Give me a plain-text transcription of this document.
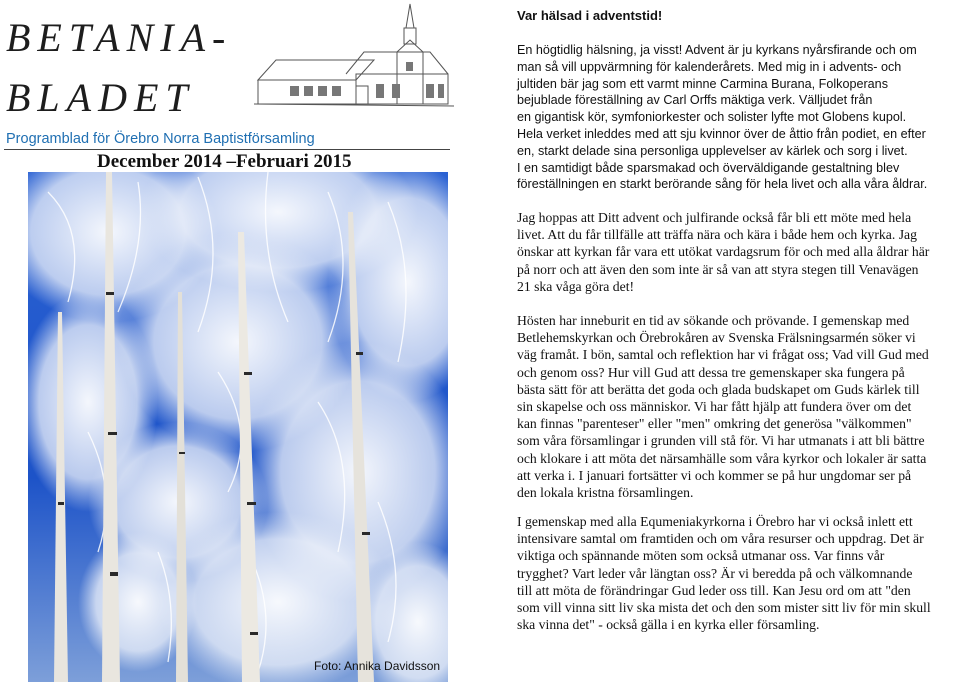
BETANIA-
BLADET
Programblad för Örebro Norra Baptistförsamling
December 2014 –Februari 2015
Foto: Annika Davidsson
Var hälsad i adventstid!

En högtidlig hälsning, ja visst! Advent är ju kyrkans nyårsfirande och om

man så vill uppvärmning för kalenderårets. Med mig in i advents- och

jultiden bär jag som ett varmt minne Carmina Burana, Folkoperans

bejublade föreställning av Carl Orffs mäktiga verk. Välljudet från

en gigantisk kör, symfoniorkester och solister lyfte mot Globens kupol.

Hela verket inleddes med att sju kvinnor över de åttio från podiet, en efter

en, starkt delade sina personliga upplevelser av kärlek och sorg i livet.

I en samtidigt både sparsmakad och överväldigande gestaltning blev

föreställningen en starkt berörande sång för hela livet och alla våra åldrar.

Jag hoppas att Ditt advent och julfirande också får bli ett möte med hela

livet. Att du får tillfälle att träffa nära och kära i både hem och kyrka. Jag

önskar att kyrkan får vara ett utökat vardagsrum för och med alla åldrar här

på norr och att även den som inte är så van att styra stegen till Venavägen

21 ska våga göra det!

Hösten har inneburit en tid av sökande och prövande. I gemenskap med

Betlehemskyrkan och Örebrokåren av Svenska Frälsningsarmén söker vi

väg framåt. I bön, samtal och reflektion har vi frågat oss; Vad vill Gud med

och genom oss? Hur vill Gud att dessa tre gemenskaper ska fungera på

bästa sätt för att berätta det goda och glada budskapet om Guds kärlek till

sin skapelse och oss människor. Vi har fått hjälp att fundera över om det

kan finnas "parenteser" eller "men" omkring det generösa "välkommen"

som våra församlingar i grunden vill stå för. Vi har utmanats i att bli bättre

och klokare i att möta det närsamhälle som våra kyrkor och lokaler är satta

att verka i. I januari fortsätter vi och kommer se på hur ungdomar ser på

den lokala kristna församlingen.

I gemenskap med alla Equmeniakyrkorna i Örebro har vi också inlett ett

intensivare samtal om framtiden och om våra resurser och uppdrag. Det är

viktiga och spännande möten som också utmanar oss. Var finns vår

trygghet? Vart leder vår längtan oss? Är vi beredda på och välkomnande

till att möta de förändringar Gud leder oss till. Kan Jesu ord om att "den

som vill vinna sitt liv ska mista det och den som mister sitt liv för min skull

ska vinna det" - också gälla i en kyrka eller församling.
